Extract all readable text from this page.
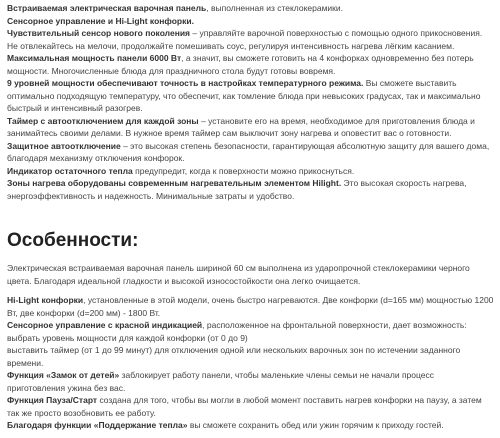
Встраиваемая электрическая варочная панель, выполненная из стеклокерамики.

Сенсорное управление и Hi-Light конфорки.

Чувствительный сенсор нового поколения – управляйте варочной поверхностью с помощью одного прикосновения. Не отвлекайтесь на мелочи, продолжайте помешивать соус, регулируя интенсивность нагрева лёгким касанием.

Максимальная мощность панели 6000 Вт, а значит, вы сможете готовить на 4 конфорках одновременно без потерь мощности. Многочисленные блюда для праздничного стола будут готовы вовремя.

9 уровней мощности обеспечивают точность в настройках температурного режима. Вы сможете выставить оптимально подходящую температуру, что обеспечит, как томление блюда при невысоких градусах, так и максимально быстрый и интенсивный разогрев.

Таймер с автоотключением для каждой зоны – установите его на время, необходимое для приготовления блюда и занимайтесь своими делами. В нужное время таймер сам выключит зону нагрева и оповестит вас о готовности.

Защитное автоотключение – это высокая степень безопасности, гарантирующая абсолютную защиту для вашего дома, благодаря механизму отключения конфорок.

Индикатор остаточного тепла предупредит, когда к поверхности можно прикоснуться.

Зоны нагрева оборудованы современным нагревательным элементом Hilight. Это высокая скорость нагрева, энергоэффективность и надежность. Минимальные затраты и удобство.

Особенности:

Электрическая встраиваемая варочная панель шириной 60 см выполнена из ударопрочной стеклокерамики черного цвета. Благодаря идеальной гладкости и высокой износостойкости она легко очищается.

Hi-Light конфорки, установленные в этой модели, очень быстро нагреваются. Две конфорки (d=165 мм) мощностью 1200 Вт, две конфорки (d=200 мм) - 1800 Вт.

Сенсорное управление с красной индикацией, расположенное на фронтальной поверхности, дает возможность:

выбрать уровень мощности для каждой конфорки (от 0 до 9)

выставить таймер (от 1 до 99 минут) для отключения одной или нескольких варочных зон по истечении заданного времени.

Функция «Замок от детей» заблокирует работу панели, чтобы маленькие члены семьи не начали процесс приготовления ужина без вас.

Функция Пауза/Старт создана для того, чтобы вы могли в любой момент поставить нагрев конфорки на паузу, а затем так же просто возобновить ее работу.

Благодаря функции «Поддержание тепла» вы сможете сохранить обед или ужин горячим к приходу гостей.
